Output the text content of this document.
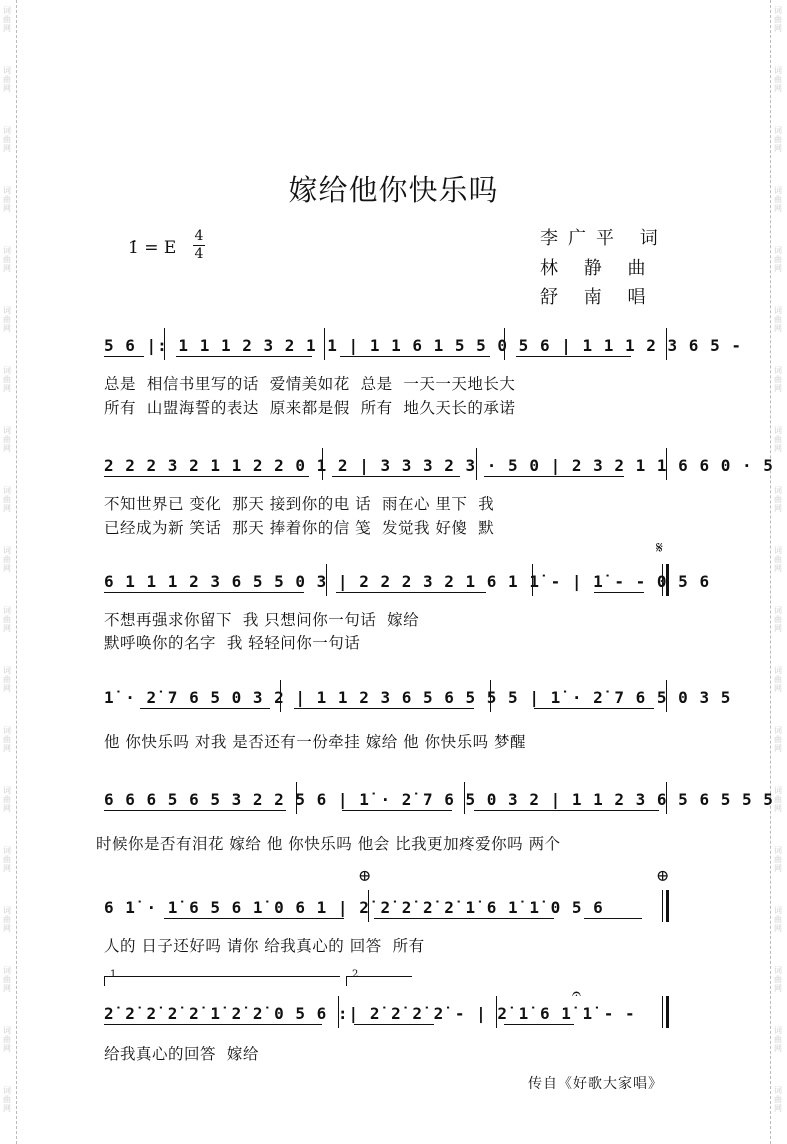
词曲网
词曲网
词曲网
词曲网
词曲网
词曲网
词曲网
词曲网
词曲网
词曲网
词曲网
词曲网
词曲网
词曲网
词曲网
词曲网
词曲网
词曲网
词曲网
词曲网
词曲网
词曲网
词曲网
词曲网
词曲网
词曲网
词曲网
词曲网
词曲网
词曲网
词曲网
词曲网
词曲网
词曲网
词曲网
词曲网
词曲网
词曲网
嫁给他你快乐吗
1̇ = E
4
4
李广平 词
林 静 曲
舒 南 唱
5 6 |: 1 1 1 2 3 2 1 1 | 1 1 6 1 5 5 0 5 6 | 1 1 1 2 3 6 5 -
总是  相信书里写的话  爱情美如花  总是  一天一天地长大
所有  山盟海誓的表达  原来都是假  所有  地久天长的承诺
2 2 2 3 2 1 1 2 2 0 1 2 | 3 3 3 2 3 · 5 0 | 2 3 2 1 1 6 6 0 · 5
不知世界已 变化  那天 接到你的电 话  雨在心 里下  我
已经成为新 笑话  那天 捧着你的信 笺  发觉我 好傻  默
𝄋
6 1 1 1 2 3 6 5 5 0 3 | 2 2 2 3 2 1 6 1 1̇ - | 1̇ - - 0 5 6
不想再强求你留下  我 只想问你一句话  嫁给
默呼唤你的名字  我 轻轻问你一句话
1̇ · 2̇ 7 6 5 0 3 2 | 1 1 2 3 6 5 6 5 5 5 | 1̇ · 2̇ 7 6 5 0 3 5
他 你快乐吗 对我 是否还有一份牵挂 嫁给 他 你快乐吗 梦醒
6 6 6 5 6 5 3 2 2 5 6 | 1̇ · 2̇ 7 6 5 0 3 2 | 1 1 2 3 6 5 6 5 5 5
时候你是否有泪花 嫁给 他 你快乐吗 他会 比我更加疼爱你吗 两个
⊕	⊕
6 1̇ · 1̇ 6 5 6 1̇ 0 6 1 | 2̇ 2̇ 2̇ 2̇ 2̇ 1̇ 6 1̇ 1̇ 0 5 6
人的 日子还好吗 请你 给我真心的 回答  所有
1	2
𝄐
2̇ 2̇ 2̇ 2̇ 2̇ 1̇ 2̇ 2̇ 0 5 6 :| 2̇ 2̇ 2̇ 2̇ - | 2̇ 1̇ 6 1̇ 1̇ - -
给我真心的回答  嫁给
传自《好歌大家唱》
